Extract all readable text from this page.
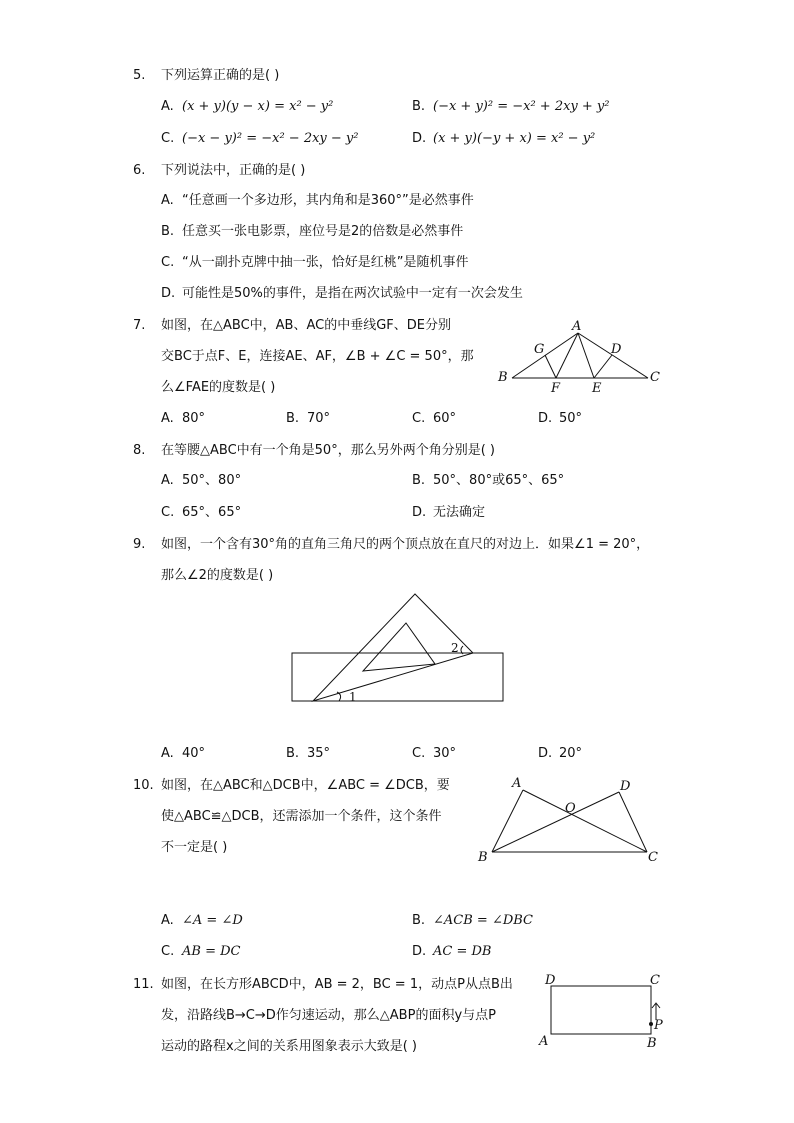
5. 下列运算正确的是( )
A. (x + y)(y − x) = x² − y²	B. (−x + y)² = −x² + 2xy + y²
C. (−x − y)² = −x² − 2xy − y²	D. (x + y)(−y + x) = x² − y²
6. 下列说法中，正确的是( )
A. “任意画一个多边形，其内角和是360°”是必然事件
B. 任意买一张电影票，座位号是2的倍数是必然事件
C. “从一副扑克牌中抽一张，恰好是红桃”是随机事件
D. 可能性是50%的事件，是指在两次试验中一定有一次会发生
7. 如图，在△ABC中，AB、AC的中垂线GF、DE分别
交BC于点F、E，连接AE、AF，∠B + ∠C = 50°，那
么∠FAE的度数是( )
A. 80°	B. 70°	C. 60°	D. 50°
A
B	C
D
E
F
G
8. 在等腰△ABC中有一个角是50°，那么另外两个角分别是( )
A. 50°、80°	B. 50°、80°或65°、65°
C. 65°、65°	D. 无法确定
9. 如图，一个含有30°角的直角三角尺的两个顶点放在直尺的对边上．如果∠1 = 20°，
那么∠2的度数是( )
1
2
A. 40°	B. 35°	C. 30°	D. 20°
10. 如图，在△ABC和△DCB中，∠ABC = ∠DCB，要
使△ABC≌△DCB，还需添加一个条件，这个条件
不一定是( )
A
B	C
D
O
A. ∠A = ∠D	B. ∠ACB = ∠DBC
C. AB = DC	D. AC = DB
11. 如图，在长方形ABCD中，AB = 2，BC = 1，动点P从点B出
发，沿路线B→C→D作匀速运动，那么△ABP的面积y与点P
运动的路程x之间的关系用图象表示大致是( )
D	C
A	B
P
